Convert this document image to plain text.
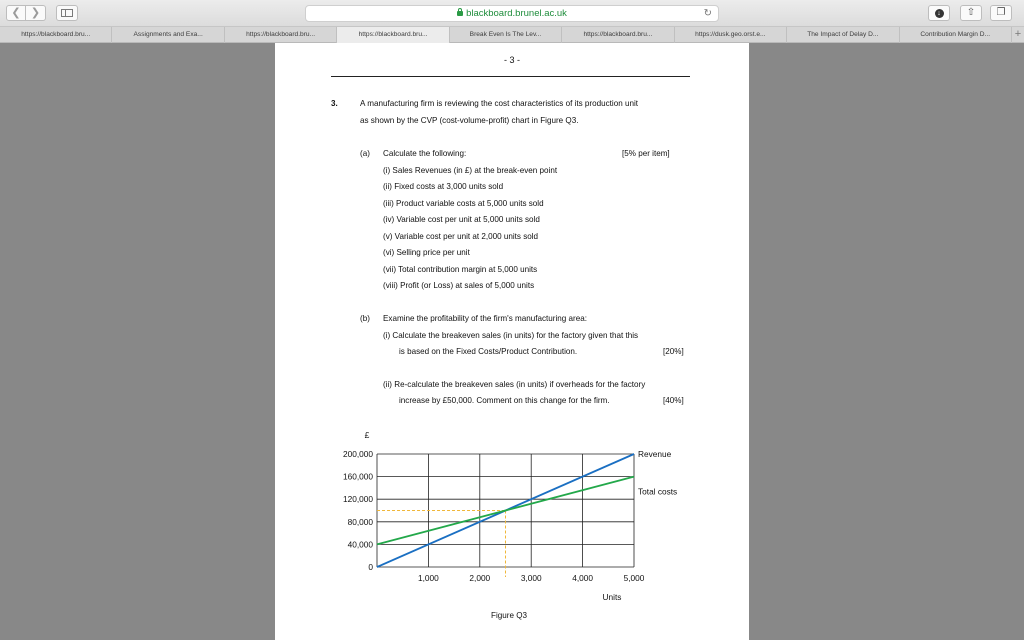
❮ ❯	blackboard.brunel.ac.uk	↻	↓	⇧	❐
https://blackboard.bru...	Assignments and Exa...	https://blackboard.bru...	https://blackboard.bru...	Break Even Is The Lev...	https://blackboard.bru...	https://dusk.geo.orst.e...	The Impact of Delay D...	Contribution Margin D...	+
- 3 -
3.	A manufacturing firm is reviewing the cost characteristics of its production unit
as shown by the CVP (cost-volume-profit) chart in Figure Q3.
(a) Calculate the following:	[5% per item]
(i) Sales Revenues (in £) at the break-even point
(ii) Fixed costs at 3,000 units sold
(iii) Product variable costs at 5,000 units sold
(iv) Variable cost per unit at 5,000 units sold
(v) Variable cost per unit at 2,000 units sold
(vi) Selling price per unit
(vii) Total contribution margin at 5,000 units
(viii) Profit (or Loss) at sales of 5,000 units
(b) Examine the profitability of the firm's manufacturing area:
(i) Calculate the breakeven sales (in units) for the factory given that this
is based on the Fixed Costs/Product Contribution.	[20%]
(ii) Re-calculate the breakeven sales (in units) if overheads for the factory
increase by £50,000. Comment on this change for the firm.	[40%]
Revenue
Total costs
0
40,000
80,000
120,000
160,000
200,000
1,000	2,000	3,000	4,000	5,000
£
Units
Figure Q3
